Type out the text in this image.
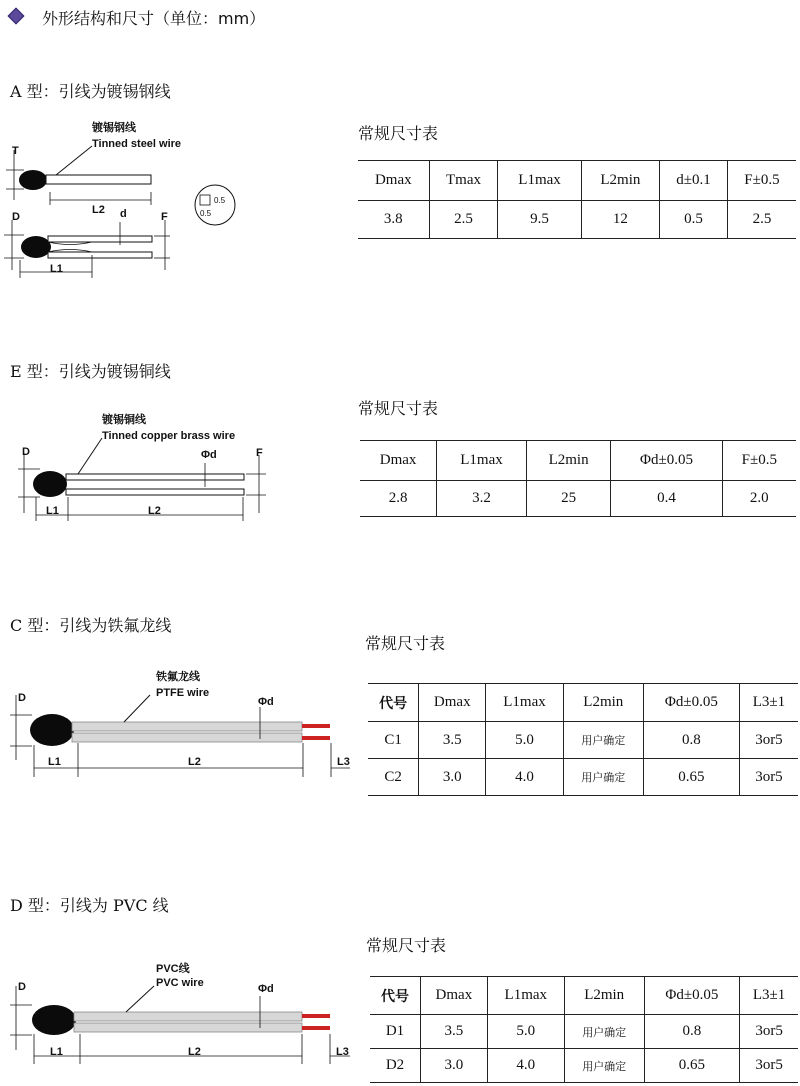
外形结构和尺寸（单位：mm）
A 型：引线为镀锡钢线
镀锡钢线
Tinned steel wire
T
L2
D	d	F
L1
0.5
0.5
常规尺寸表
Dmax	Tmax	L1max	L2min	d±0.1	F±0.5
3.8	2.5	9.5	12	0.5	2.5
E 型：引线为镀锡铜线
镀锡铜线
Tinned copper brass wire
D	Φd	F
L1	L2
常规尺寸表
Dmax	L1max	L2min	Φd±0.05	F±0.5
2.8	3.2	25	0.4	2.0
C 型：引线为铁氟龙线
铁氟龙线
PTFE wire
D	Φd
L1	L2	L3
常规尺寸表
代号	Dmax	L1max	L2min	Φd±0.05	L3±1
C1	3.5	5.0	用户确定	0.8	3or5
C2	3.0	4.0	用户确定	0.65	3or5
D 型：引线为 PVC 线
PVC线
PVC wire
D	Φd
L1	L2	L3
常规尺寸表
代号	Dmax	L1max	L2min	Φd±0.05	L3±1
D1	3.5	5.0	用户确定	0.8	3or5
D2	3.0	4.0	用户确定	0.65	3or5
